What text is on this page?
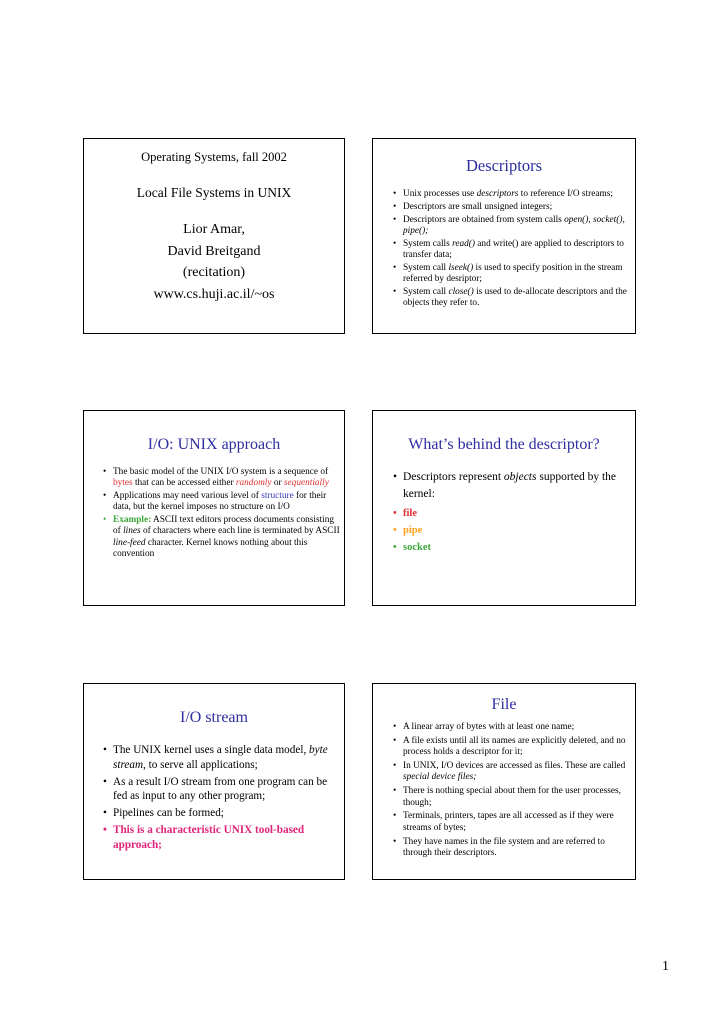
Operating Systems, fall 2002
Local File Systems in UNIX
Lior Amar,
David Breitgand
(recitation)
www.cs.huji.ac.il/~os
Descriptors
• Unix processes use descriptors to reference I/O streams;
• Descriptors are small unsigned integers;
• Descriptors are obtained from system calls open(), socket(), pipe();
• System calls read() and write() are applied to descriptors to transfer data;
• System call lseek() is used to specify position in the stream referred by desriptor;
• System call close() is used to de-allocate descriptors and the objects they refer to.
I/O: UNIX approach
• The basic model of the UNIX I/O system is a sequence of bytes that can be accessed either randomly or sequentially
• Applications may need various level of structure for their data, but the kernel imposes no structure on I/O
• Example: ASCII text editors process documents consisting of lines of characters where each line is terminated by ASCII line-feed character. Kernel knows nothing about this convention
What’s behind the descriptor?
• Descriptors represent objects supported by the kernel:
• file
• pipe
• socket
I/O stream
• The UNIX kernel uses a single data model, byte stream, to serve all applications;
• As a result I/O stream from one program can be fed as input to any other program;
• Pipelines can be formed;
• This is a characteristic UNIX tool-based approach;
File
• A linear array of bytes with at least one name;
• A file exists until all its names are explicitly deleted, and no process holds a descriptor for it;
• In UNIX, I/O devices are accessed as files. These are called special device files;
• There is nothing special about them for the user processes, though;
• Terminals, printers, tapes are all accessed as if they were streams of bytes;
• They have names in the file system and are referred to through their descriptors.
1
